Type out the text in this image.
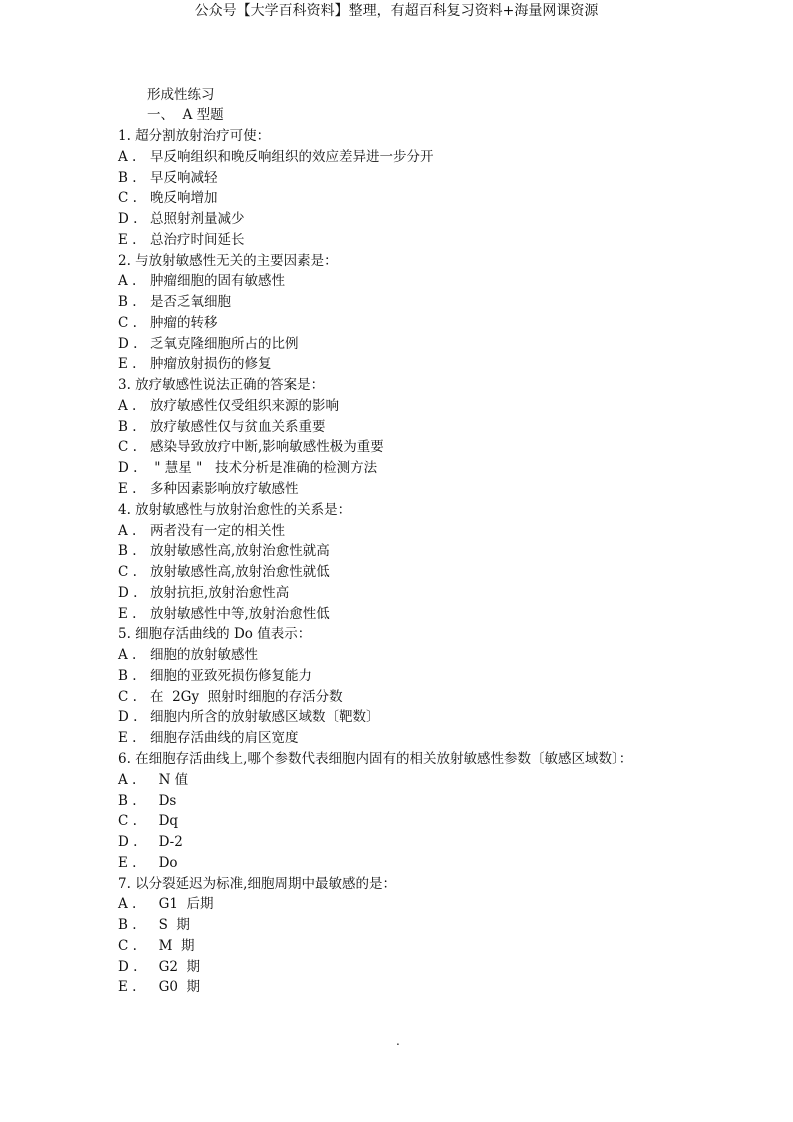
公众号【大学百科资料】整理，有超百科复习资料+海量网课资源
形成性练习
一、  A 型题
1. 超分割放射治疗可使：
A . 早反响组织和晚反响组织的效应差异进一步分开
B . 早反响减轻
C . 晚反响增加
D . 总照射剂量减少
E . 总治疗时间延长
2. 与放射敏感性无关的主要因素是：
A . 肿瘤细胞的固有敏感性
B . 是否乏氧细胞
C . 肿瘤的转移
D . 乏氧克隆细胞所占的比例
E . 肿瘤放射损伤的修复
3. 放疗敏感性说法正确的答案是：
A . 放疗敏感性仅受组织来源的影响
B . 放疗敏感性仅与贫血关系重要
C . 感染导致放疗中断,影响敏感性极为重要
D . " 慧星 "   技术分析是准确的检测方法
E . 多种因素影响放疗敏感性
4. 放射敏感性与放射治愈性的关系是：
A . 两者没有一定的相关性
B . 放射敏感性高,放射治愈性就高
C . 放射敏感性高,放射治愈性就低
D . 放射抗拒,放射治愈性高
E . 放射敏感性中等,放射治愈性低
5. 细胞存活曲线的 Do 值表示：
A . 细胞的放射敏感性
B . 细胞的亚致死损伤修复能力
C . 在  2Gy  照射时细胞的存活分数
D . 细胞内所含的放射敏感区域数〔靶数〕
E . 细胞存活曲线的肩区宽度
6. 在细胞存活曲线上,哪个参数代表细胞内固有的相关放射敏感性参数〔敏感区域数〕：
A .  N 值
B .  Ds
C .  Dq
D .  D-2
E .  Do
7. 以分裂延迟为标准,细胞周期中最敏感的是：
A .  G1  后期
B .  S  期
C .  M  期
D .  G2  期
E .  G0  期
.
